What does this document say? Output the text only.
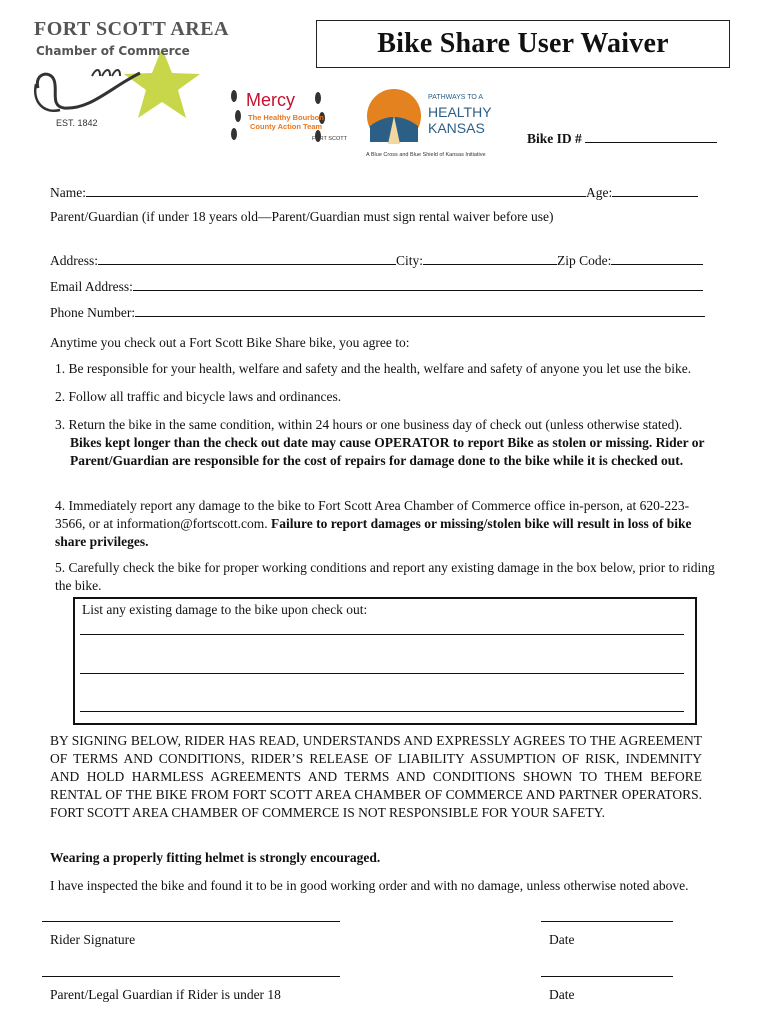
FORT SCOTT AREA
Chamber of Commerce
EST. 1842
Mercy
The Healthy Bourbon
County Action Team
FORT SCOTT
PATHWAYS TO A
HEALTHY
KANSAS
A Blue Cross and Blue Shield of Kansas Initiative
Bike Share User Waiver
Bike ID #
Name:	Age:
Parent/Guardian (if under 18 years old—Parent/Guardian must sign rental waiver before use)
Address:	City:	Zip Code:
Email Address:
Phone Number:
Anytime you check out a Fort Scott Bike Share bike, you agree to:
1. Be responsible for your health, welfare and safety and the health, welfare and safety of anyone you let use the bike.
2. Follow all traffic and bicycle laws and ordinances.
3. Return the bike in the same condition, within 24 hours or one business day of check out (unless otherwise stated).
Bikes kept longer than the check out date may cause OPERATOR to report Bike as stolen or missing. Rider or Parent/Guardian are responsible for the cost of repairs for damage done to the bike while it is checked out.
4. Immediately report any damage to the bike to Fort Scott Area Chamber of Commerce office in-person, at 620-223-3566, or at information@fortscott.com. Failure to report damages or missing/stolen bike will result in loss of bike share privileges.
5. Carefully check the bike for proper working conditions and report any existing damage in the box below, prior to riding the bike.
List any existing damage to the bike upon check out:
BY SIGNING BELOW, RIDER HAS READ, UNDERSTANDS AND EXPRESSLY AGREES TO THE AGREEMENT OF TERMS AND CONDITIONS, RIDER’S RELEASE OF LIABILITY ASSUMPTION OF RISK, INDEMNITY AND HOLD HARMLESS AGREEMENTS AND TERMS AND CONDITIONS SHOWN TO THEM BEFORE RENTAL OF THE BIKE FROM FORT SCOTT AREA CHAMBER OF COMMERCE AND PARTNER OPERATORS. FORT SCOTT AREA CHAMBER OF COMMERCE IS NOT RESPONSIBLE FOR YOUR SAFETY.
Wearing a properly fitting helmet is strongly encouraged.
I have inspected the bike and found it to be in good working order and with no damage, unless otherwise noted above.
Rider Signature	Date
Parent/Legal Guardian if Rider is under 18	Date
